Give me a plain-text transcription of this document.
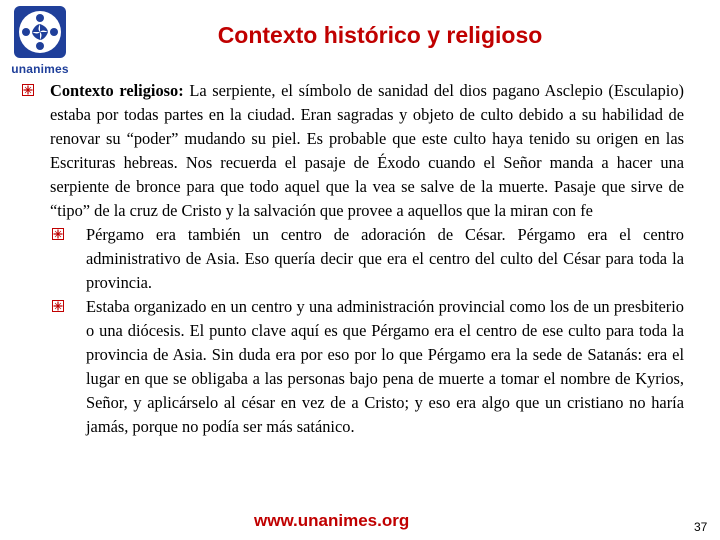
unanimes
Contexto histórico y religioso
Contexto religioso: La serpiente, el símbolo de sanidad del dios pagano Asclepio (Esculapio) estaba por todas partes en la ciudad. Eran sagradas y objeto de culto debido a su habilidad de renovar su “poder” mudando su piel. Es probable que este culto haya tenido su origen en las Escrituras hebreas. Nos recuerda el pasaje de Éxodo cuando el Señor manda a hacer una serpiente de bronce para que todo aquel que la vea se salve de la muerte. Pasaje que sirve de “tipo” de la cruz de Cristo y la salvación que provee a aquellos que la miran con fe
Pérgamo era también un centro de adoración de César. Pérgamo era el centro administrativo de Asia. Eso quería decir que era el centro del culto del César para toda la provincia.
Estaba organizado en un centro y una administración provincial como los de un presbiterio o una diócesis. El punto clave aquí es que Pérgamo era el centro de ese culto para toda la provincia de Asia. Sin duda era por eso por lo que Pérgamo era la sede de Satanás: era el lugar en que se obligaba a las personas bajo pena de muerte a tomar el nombre de Kyrios, Señor, y aplicárselo al césar en vez de a Cristo; y eso era algo que un cristiano no haría jamás, porque no podía ser más satánico.
www.unanimes.org	37
